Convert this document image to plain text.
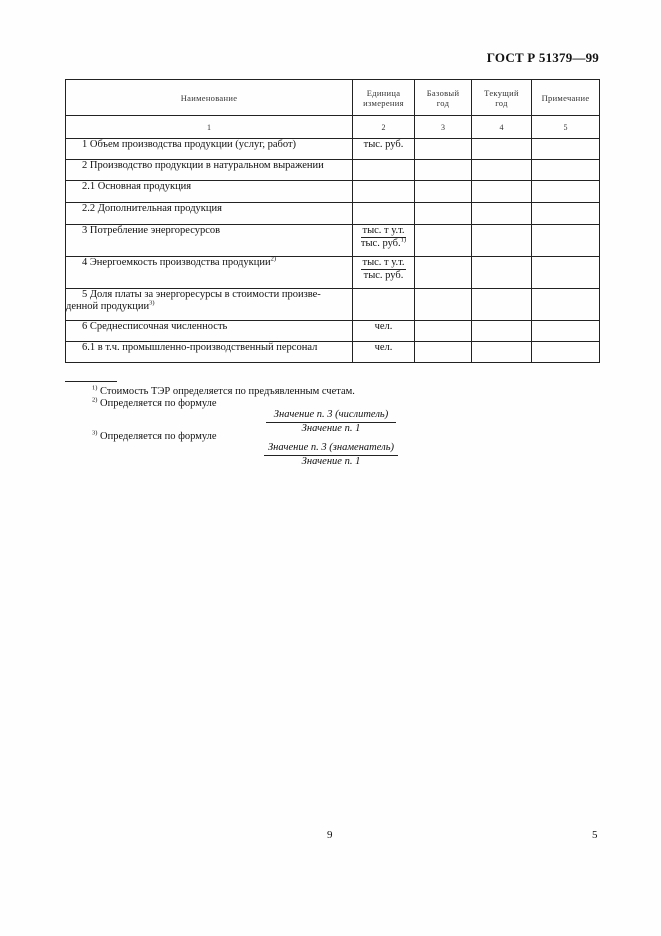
ГОСТ Р 51379—99
Наименование	Единица измерения	Базовый год	Текущий год	Примечание
1	2	3	4	5
1 Объем производства продукции (услуг, работ)	тыс. руб.			
2 Производство продукции в натуральном выражении				
2.1 Основная продукция				
2.2 Дополнительная продукция				
3 Потребление энергоресурсов	тыс. т у.т.
тыс. руб.$^{1)}$

4 Энергоемкость производства продукции$^{2)}$	тыс. т у.т.
тыс. руб.			

5 Доля платы за энергоресурсы в стоимости произве-
денной продукции$^{3)}$				
6 Среднесписочная численность	чел.			
6.1 в т.ч. промышленно-производственный персонал	чел.			
$^{1)}$ Стоимость ТЭР определяется по предъявленным счетам.
$^{2)}$ Определяется по формуле
Значение п. 3 (числитель)
Значение п. 1
$^{3)}$ Определяется по формуле
Значение п. 3 (знаменатель)
Значение п. 1
9	5
